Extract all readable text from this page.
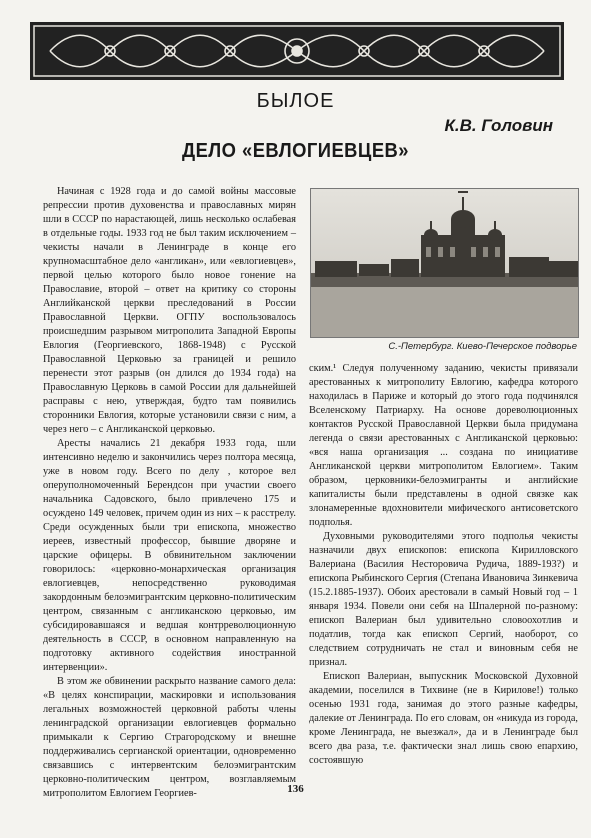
БЫЛОЕ
К.В. Головин
ДЕЛО «ЕВЛОГИЕВЦЕВ»

Начиная с 1928 года и до самой войны массовые репрессии против духовенства и православных мирян шли в СССР по нарастающей, лишь несколько ослабевая в отдельные годы. 1933 год не был таким исключением – чекисты начали в Ленинграде в конце его крупномасштабное дело «англикан», или «евлогиевцев», первой целью которого было новое гонение на Православие, второй – ответ на критику со стороны Английканской церкви преследований в России Православной Церкви. ОГПУ воспользовалось происшедшим разрывом митрополита Западной Европы Евлогия (Георгиевского, 1868-1948) с Русской Православной Церковью за границей и решило перенести этот разрыв (он длился до 1934 года) на Православную Церковь в самой России для дальнейшей расправы с нею, утверждая, будто там появились сторонники Евлогия, которые установили связи с ним, а через него – с Англиканской церковью.

Аресты начались 21 декабря 1933 года, шли интенсивно неделю и закончились через полтора месяца, уже в новом году. Всего по делу , которое вел оперуполномоченный Берендсон при участии своего начальника Садовского, было привлечено 175 и осуждено 149 человек, причем один из них – к расстрелу. Среди осужденных были три епископа, множество иереев, известный профессор, бывшие дворяне и царские офицеры. В обвинительном заключении говорилось: «церковно-монархическая организация евлогиевцев, непосредственно руководимая закордонным белоэмигрантским церковно-политическим центром, связанным с англиканскою церковью, им субсидировавшаяся и ведшая контрреволюционную деятельность в СССР, в основном направленную на подготовку активного содействия иностранной интервенции».

В этом же обвинении раскрыто название самого дела: «В целях конспирации, маскировки и использования легальных возможностей церковной работы члены ленинградской организации евлогиевцев формально примыкали к Сергию Страгородскому и внешне поддерживались сергианской ориентации, одновременно связавшись с интервентским белоэмигрантским церковно-политическим центром, возглавляемым митрополитом Евлогием Георгиев-

С.-Петербург. Киево-Печерское подворье

ским.¹ Следуя полученному заданию, чекисты привязали арестованных к митрополиту Евлогию, кафедра которого находилась в Париже и который до этого года подчинялся Вселенскому Патриарху. На основе дореволюционных контактов Русской Православной Церкви была придумана легенда о связи арестованных с Англиканской церковью: «вся наша организация ... создана по инициативе Англиканской церкви митрополитом Евлогием». Таким образом, церковники-белоэмигранты и английские капиталисты были представлены в одной связке как злонамеренные вдохновители мифического антисоветского подполья.

Духовными руководителями этого подполья чекисты назначили двух епископов: епископа Кирилловского Валериана (Василия Несторовича Рудича, 1889-193?) и епископа Рыбинского Сергия (Степана Ивановича Зинкевича (15.2.1885-1937). Обоих арестовали в самый Новый год – 1 января 1934. Повели они себя на Шпалерной по-разному: епископ Валериан был удивительно словоохотлив и податлив, тогда как епископ Сергий, наоборот, со следствием сотрудничать не стал и виновным себя не признал.

Епископ Валериан, выпускник Московской Духовной академии, поселился в Тихвине (не в Кирилове!) только осенью 1931 года, занимая до этого разные кафедры, далекие от Ленинграда. По его словам, он «никуда из города, кроме Ленинграда, не выезжал», да и в Ленинграде был всего два раза, т.е. фактически знал лишь свою епархию, состоявшую

136
